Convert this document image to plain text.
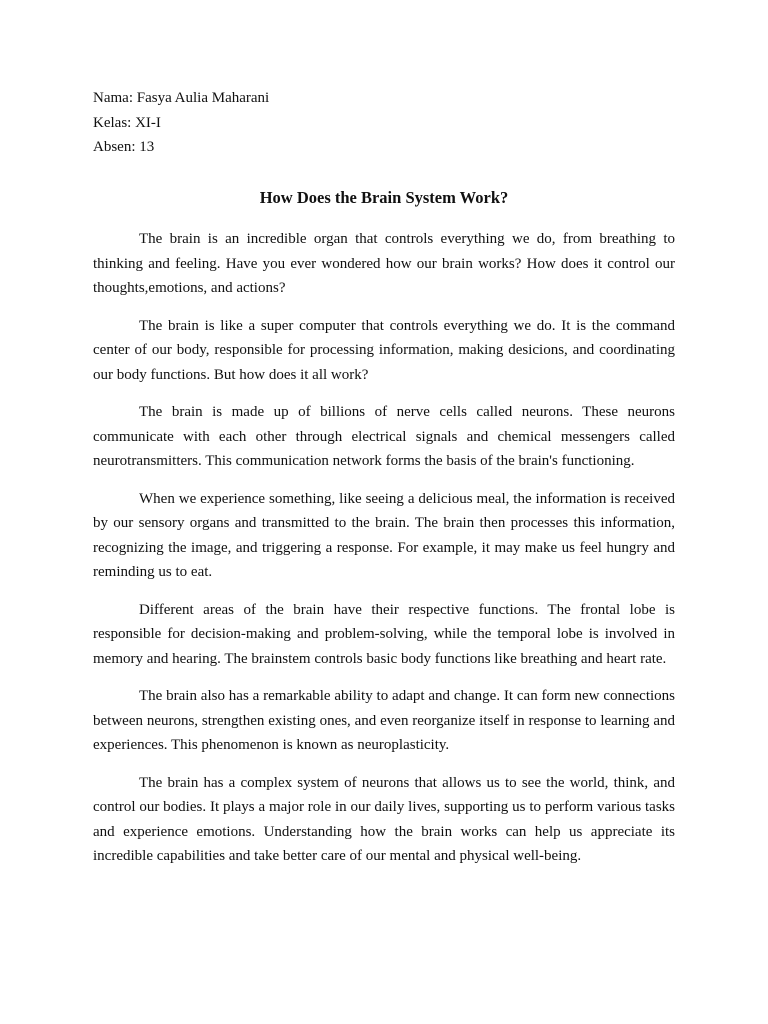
Nama: Fasya Aulia Maharani

Kelas: XI-I

Absen: 13

How Does the Brain System Work?

The brain is an incredible organ that controls everything we do, from breathing to thinking and feeling. Have you ever wondered how our brain works? How does it control our thoughts,emotions, and actions?

The brain is like a super computer that controls everything we do. It is the command center of our body, responsible for processing information, making desicions, and coordinating our body functions. But how does it all work?

The brain is made up of billions of nerve cells called neurons. These neurons communicate with each other through electrical signals and chemical messengers called neurotransmitters. This communication network forms the basis of the brain's functioning.

When we experience something, like seeing a delicious meal, the information is received by our sensory organs and transmitted to the brain. The brain then processes this information, recognizing the image, and triggering a response. For example, it may make us feel hungry and reminding us to eat.

Different areas of the brain have their respective functions. The frontal lobe is responsible for decision-making and problem-solving, while the temporal lobe is involved in memory and hearing. The brainstem controls basic body functions like breathing and heart rate.

The brain also has a remarkable ability to adapt and change. It can form new connections between neurons, strengthen existing ones, and even reorganize itself in response to learning and experiences. This phenomenon is known as neuroplasticity.

The brain has a complex system of neurons that allows us to see the world, think, and control our bodies. It plays a major role in our daily lives, supporting us to perform various tasks and experience emotions. Understanding how the brain works can help us appreciate its incredible capabilities and take better care of our mental and physical well-being.
